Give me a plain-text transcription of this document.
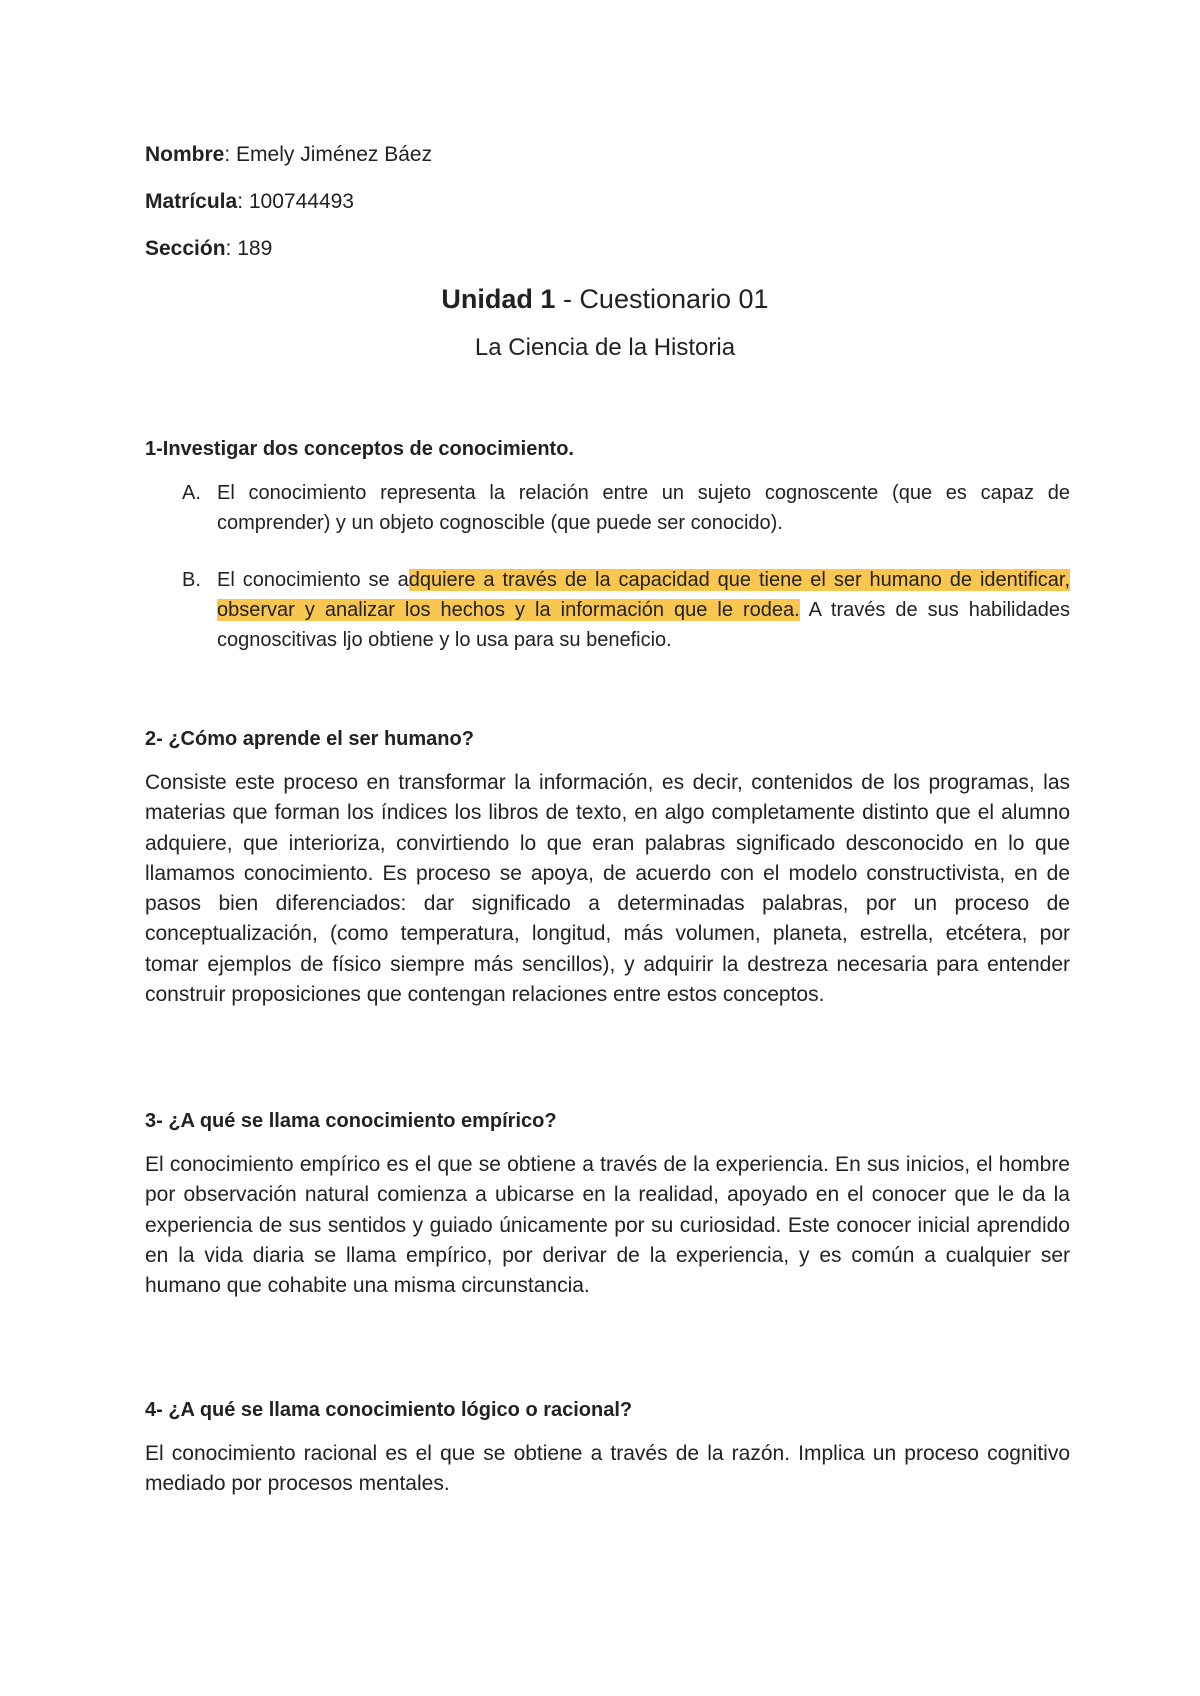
Nombre: Emely Jiménez Báez

Matrícula: 100744493

Sección: 189

Unidad 1 - Cuestionario 01

La Ciencia de la Historia

1-Investigar dos conceptos de conocimiento.

A. El conocimiento representa la relación entre un sujeto cognoscente (que es capaz de comprender) y un objeto cognoscible (que puede ser conocido).
B. El conocimiento se adquiere a través de la capacidad que tiene el ser humano de identificar, observar y analizar los hechos y la información que le rodea. A través de sus habilidades cognoscitivas ljo obtiene y lo usa para su beneficio.

2- ¿Cómo aprende el ser humano?

Consiste este proceso en transformar la información, es decir, contenidos de los programas, las materias que forman los índices los libros de texto, en algo completamente distinto que el alumno adquiere, que interioriza, convirtiendo lo que eran palabras significado desconocido en lo que llamamos conocimiento. Es proceso se apoya, de acuerdo con el modelo constructivista, en de pasos bien diferenciados: dar significado a determinadas palabras, por un proceso de conceptualización, (como temperatura, longitud, más volumen, planeta, estrella, etcétera, por tomar ejemplos de físico siempre más sencillos), y adquirir la destreza necesaria para entender construir proposiciones que contengan relaciones entre estos conceptos.

3- ¿A qué se llama conocimiento empírico?

El conocimiento empírico es el que se obtiene a través de la experiencia. En sus inicios, el hombre por observación natural comienza a ubicarse en la realidad, apoyado en el conocer que le da la experiencia de sus sentidos y guiado únicamente por su curiosidad. Este conocer inicial aprendido en la vida diaria se llama empírico, por derivar de la experiencia, y es común a cualquier ser humano que cohabite una misma circunstancia.

4- ¿A qué se llama conocimiento lógico o racional?

El conocimiento racional es el que se obtiene a través de la razón. Implica un proceso cognitivo mediado por procesos mentales.
